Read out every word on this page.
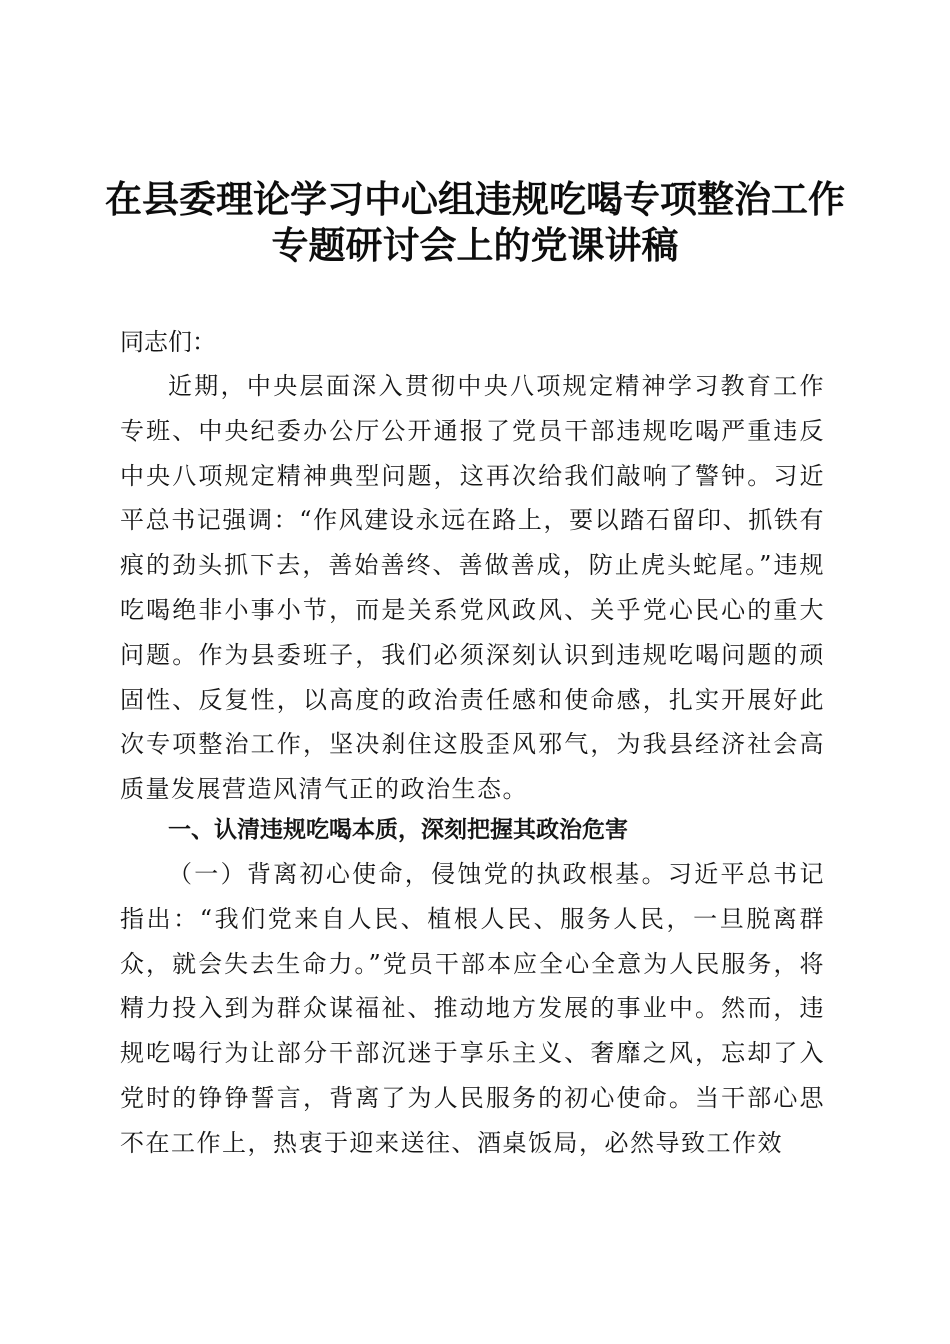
在县委理论学习中心组违规吃喝专项整治工作
专题研讨会上的党课讲稿
同志们：
近期，中央层面深入贯彻中央八项规定精神学习教育工作专班、中央纪委办公厅公开通报了党员干部违规吃喝严重违反中央八项规定精神典型问题，这再次给我们敲响了警钟。习近平总书记强调：“作风建设永远在路上，要以踏石留印、抓铁有痕的劲头抓下去，善始善终、善做善成，防止虎头蛇尾。”违规吃喝绝非小事小节，而是关系党风政风、关乎党心民心的重大问题。作为县委班子，我们必须深刻认识到违规吃喝问题的顽固性、反复性，以高度的政治责任感和使命感，扎实开展好此次专项整治工作，坚决刹住这股歪风邪气，为我县经济社会高质量发展营造风清气正的政治生态。
一、认清违规吃喝本质，深刻把握其政治危害
（一）背离初心使命，侵蚀党的执政根基。习近平总书记指出：“我们党来自人民、植根人民、服务人民，一旦脱离群众，就会失去生命力。”党员干部本应全心全意为人民服务，将精力投入到为群众谋福祉、推动地方发展的事业中。然而，违规吃喝行为让部分干部沉迷于享乐主义、奢靡之风，忘却了入党时的铮铮誓言，背离了为人民服务的初心使命。当干部心思不在工作上，热衷于迎来送往、酒桌饭局，必然导致工作效
